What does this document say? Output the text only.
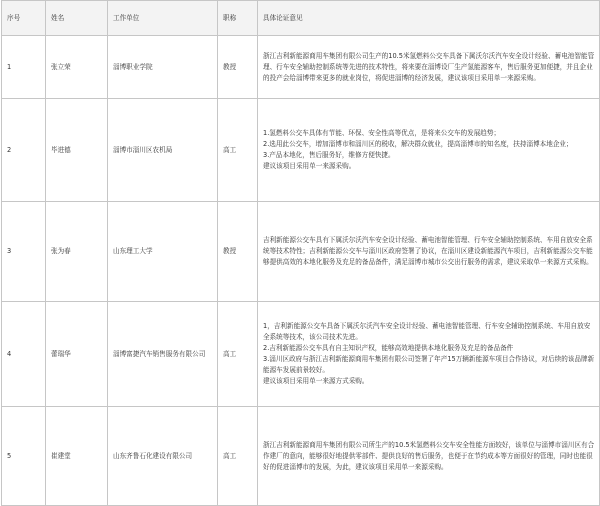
序号	姓名	工作单位	职称	具体论证意见
1	张立荣	淄博职业学院	教授	浙江吉利新能源商用车集团有限公司生产的10.5米氢燃料公交车具备下属沃尔沃汽车安全设计经验、蓄电池智能管理、行车安全辅助控制系统等先进的技术特性，将来要在淄博设厂生产氢能源客车，售后服务更加便捷，并且企业的投产会给淄博带来更多的就业岗位，将促进淄博的经济发展，建议该项目采用单一来源采购。

2	毕进德	淄博市淄川区农机局	高工	1.氢燃料公交车具体有节能、环保、安全性高等优点，是将来公交车的发展趋势；
2.选用此公交车，增加淄博市和淄川区的税收，解决群众就业，提高淄博市的知名度，扶持淄博本地企业；
3.产品本地化，售后服务好，维修方便快捷。
建议该项目采用单一来源采购。

3	张为春	山东理工大学	教授	吉利新能源公交车具有下属沃尔沃汽车安全设计经验、蓄电池智能管理、行车安全辅助控制系统、车用自放安全系统等技术特性；吉利新能源公交车与淄川区政府签署了协议，在淄川区建设新能源汽车项目，吉利新能源公交车能够提供高效的本地化服务及充足的备品备件，满足淄博市城市公交出行服务的需求，建议采取单一来源方式采购。

4	蕾瑞华	淄博富捷汽车销售服务有限公司	高工	1，吉利新能源公交车具备下属沃尔沃汽车安全设计经验、蓄电池智能管理、行车安全辅助控制系统、车用自放安全系统等技术，该公司技术先进。
2.吉利新能源公交车具有自主知识产权，能够高效地提供本地化服务及充足的备品备件
3.淄川区政府与浙江吉利新能源商用车集团有限公司签署了年产15万辆新能源车项目合作协议，对后续的该品牌新能源车发展前景较好。
建议该项目采用单一来源方式采购。

5	崔建堂	山东齐鲁石化建设有限公司	高工	浙江吉利新能源商用车集团有限公司所生产的10.5米氢燃料公交车安全性能方面较好，该单位与淄博市淄川区有合作建厂的意向，能够很好地提供零部件、提供良好的售后服务，也便于在节约成本等方面很好的管理，同时也能很好的促进淄博市的发展，为此，建议该项目采用单一来源采购。
